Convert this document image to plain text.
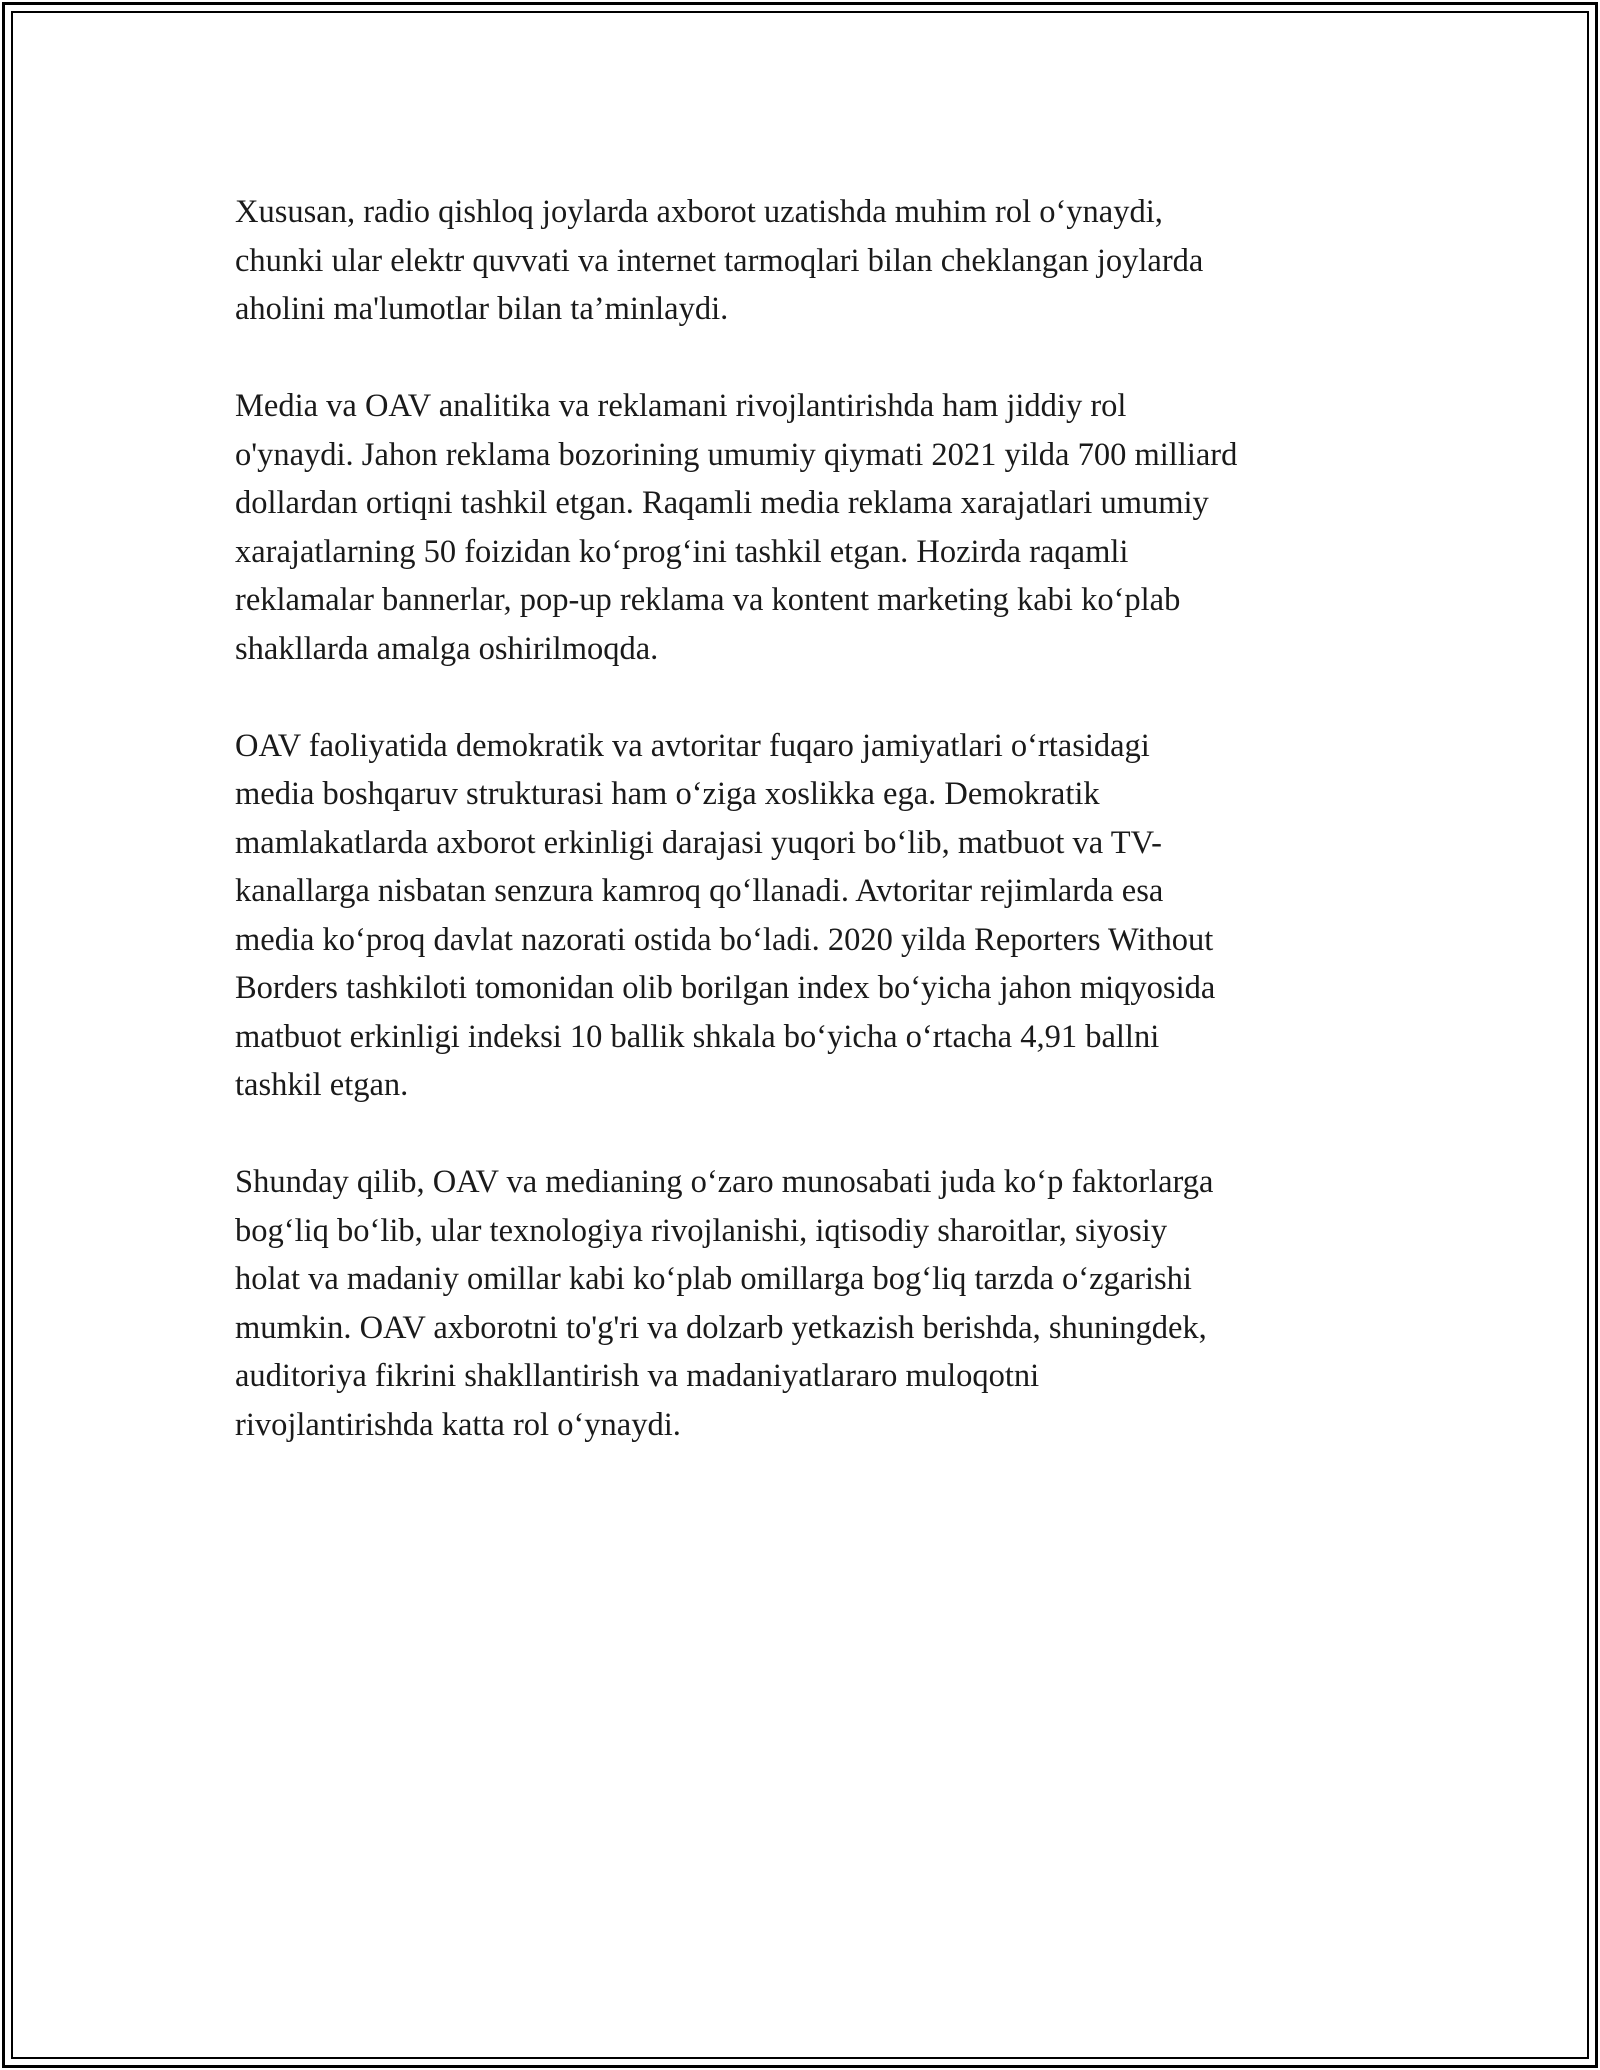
Xususan, radio qishloq joylarda axborot uzatishda muhim rol o‘ynaydi,
chunki ular elektr quvvati va internet tarmoqlari bilan cheklangan joylarda
aholini ma'lumotlar bilan ta’minlaydi.

Media va OAV analitika va reklamani rivojlantirishda ham jiddiy rol
o'ynaydi. Jahon reklama bozorining umumiy qiymati 2021 yilda 700 milliard
dollardan ortiqni tashkil etgan. Raqamli media reklama xarajatlari umumiy
xarajatlarning 50 foizidan ko‘prog‘ini tashkil etgan. Hozirda raqamli
reklamalar bannerlar, pop-up reklama va kontent marketing kabi ko‘plab
shakllarda amalga oshirilmoqda.

OAV faoliyatida demokratik va avtoritar fuqaro jamiyatlari o‘rtasidagi
media boshqaruv strukturasi ham o‘ziga xoslikka ega. Demokratik
mamlakatlarda axborot erkinligi darajasi yuqori bo‘lib, matbuot va TV-
kanallarga nisbatan senzura kamroq qo‘llanadi. Avtoritar rejimlarda esa
media ko‘proq davlat nazorati ostida bo‘ladi. 2020 yilda Reporters Without
Borders tashkiloti tomonidan olib borilgan index bo‘yicha jahon miqyosida
matbuot erkinligi indeksi 10 ballik shkala bo‘yicha o‘rtacha 4,91 ballni
tashkil etgan.

Shunday qilib, OAV va medianing o‘zaro munosabati juda ko‘p faktorlarga
bog‘liq bo‘lib, ular texnologiya rivojlanishi, iqtisodiy sharoitlar, siyosiy
holat va madaniy omillar kabi ko‘plab omillarga bog‘liq tarzda o‘zgarishi
mumkin. OAV axborotni to'g'ri va dolzarb yetkazish berishda, shuningdek,
auditoriya fikrini shakllantirish va madaniyatlararo muloqotni
rivojlantirishda katta rol o‘ynaydi.
